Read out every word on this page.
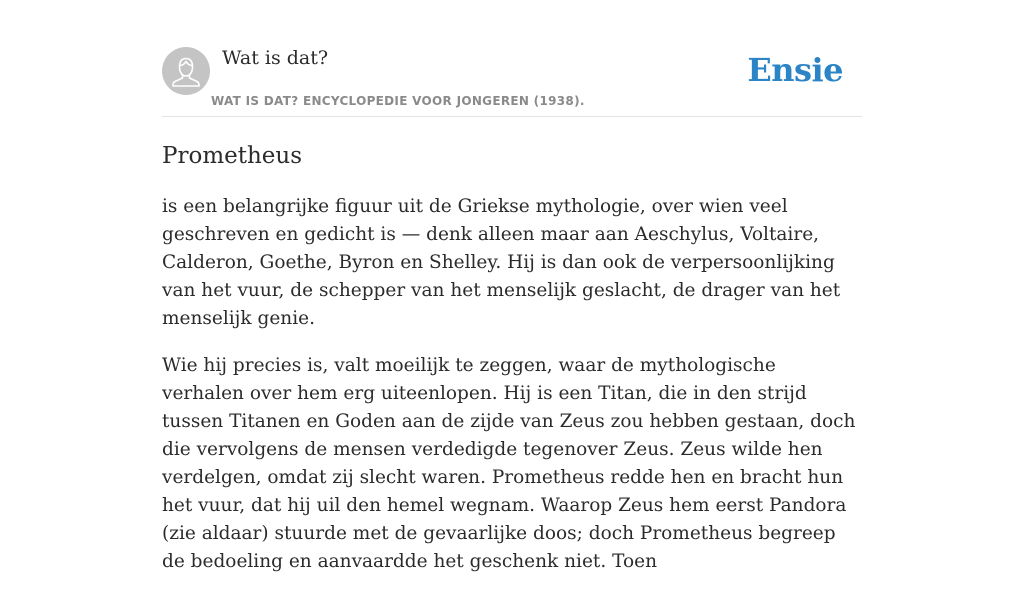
Wat is dat?
WAT IS DAT? ENCYCLOPEDIE VOOR JONGEREN (1938).
Ensie
Prometheus

is een belangrijke figuur uit de Griekse mythologie, over wien veel geschreven en gedicht is — denk alleen maar aan Aeschylus, Voltaire, Calderon, Goethe, Byron en Shelley. Hij is dan ook de verpersoonlijking van het vuur, de schepper van het menselijk geslacht, de drager van het menselijk genie.

Wie hij precies is, valt moeilijk te zeggen, waar de mythologische verhalen over hem erg uiteenlopen. Hij is een Titan, die in den strijd tussen Titanen en Goden aan de zijde van Zeus zou hebben gestaan, doch die vervolgens de mensen verdedigde tegenover Zeus. Zeus wilde hen verdelgen, omdat zij slecht waren. Prometheus redde hen en bracht hun het vuur, dat hij uil den hemel wegnam. Waarop Zeus hem eerst Pandora (zie aldaar) stuurde met de gevaarlijke doos; doch Prometheus begreep de bedoeling en aanvaardde het geschenk niet. Toen
